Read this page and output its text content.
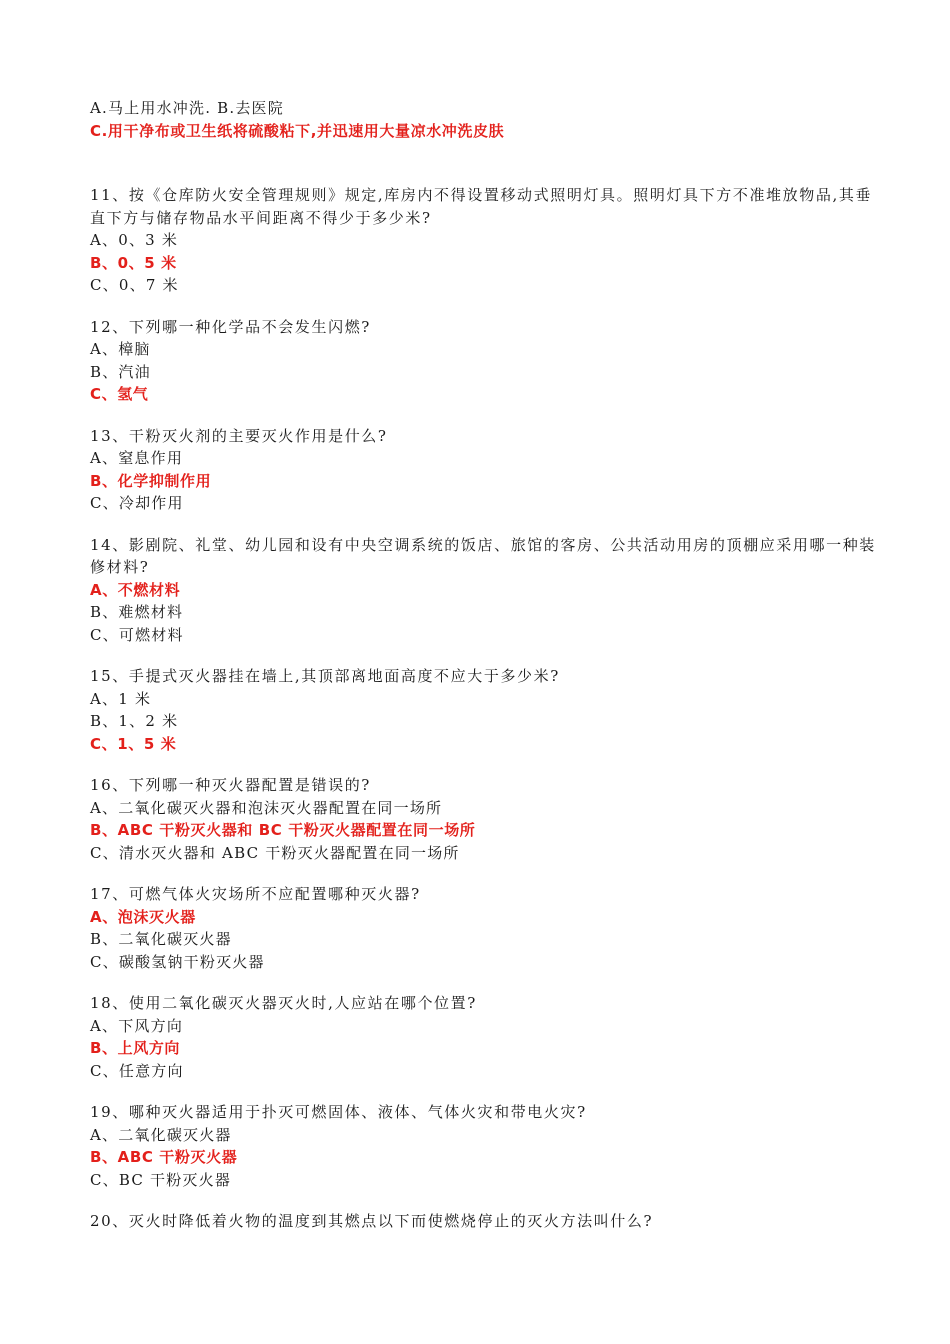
A.马上用水冲洗. B.去医院
C.用干净布或卫生纸将硫酸粘下,并迅速用大量凉水冲洗皮肤
11、按《仓库防火安全管理规则》规定,库房内不得设置移动式照明灯具。照明灯具下方不准堆放物品,其垂直下方与储存物品水平间距离不得少于多少米?
A、0、3 米
B、0、5 米
C、0、7 米
12、下列哪一种化学品不会发生闪燃?
A、樟脑
B、汽油
C、氢气
13、干粉灭火剂的主要灭火作用是什么?
A、窒息作用
B、化学抑制作用
C、冷却作用
14、影剧院、礼堂、幼儿园和设有中央空调系统的饭店、旅馆的客房、公共活动用房的顶棚应采用哪一种装修材料?
A、不燃材料
B、难燃材料
C、可燃材料
15、手提式灭火器挂在墙上,其顶部离地面高度不应大于多少米?
A、1 米
B、1、2 米
C、1、5 米
16、下列哪一种灭火器配置是错误的?
A、二氧化碳灭火器和泡沫灭火器配置在同一场所
B、ABC 干粉灭火器和 BC 干粉灭火器配置在同一场所
C、清水灭火器和 ABC 干粉灭火器配置在同一场所
17、可燃气体火灾场所不应配置哪种灭火器?
A、泡沫灭火器
B、二氧化碳灭火器
C、碳酸氢钠干粉灭火器
18、使用二氧化碳灭火器灭火时,人应站在哪个位置?
A、下风方向
B、上风方向
C、任意方向
19、哪种灭火器适用于扑灭可燃固体、液体、气体火灾和带电火灾?
A、二氧化碳灭火器
B、ABC 干粉灭火器
C、BC 干粉灭火器
20、灭火时降低着火物的温度到其燃点以下而使燃烧停止的灭火方法叫什么?
